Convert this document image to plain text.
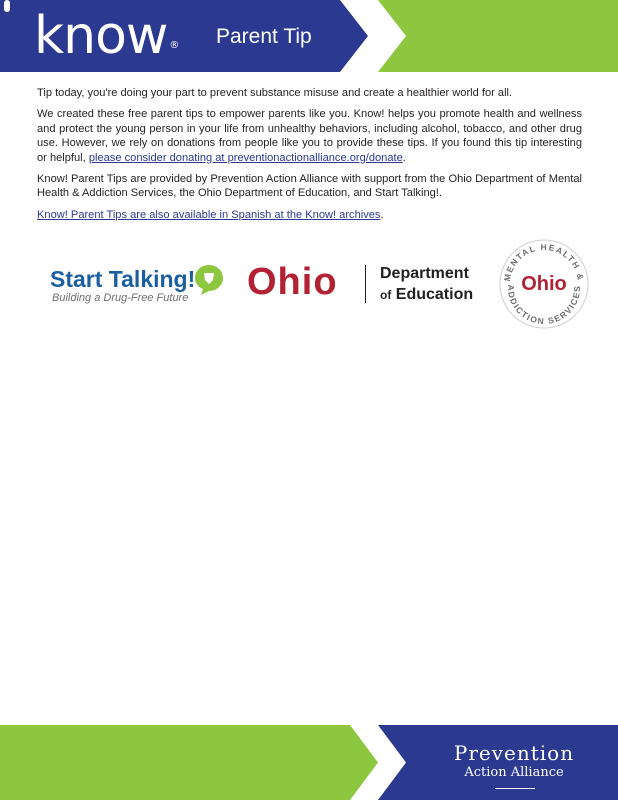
know ® Parent Tip

Tip today, you're doing your part to prevent substance misuse and create a healthier world for all.

We created these free parent tips to empower parents like you. Know! helps you promote health and wellness and protect the young person in your life from unhealthy behaviors, including alcohol, tobacco, and other drug use. However, we rely on donations from people like you to provide these tips. If you found this tip interesting or helpful, please consider donating at preventionactionalliance.org/donate.

Know! Parent Tips are provided by Prevention Action Alliance with support from the Ohio Department of Mental Health & Addiction Services, the Ohio Department of Education, and Start Talking!.

Know! Parent Tips are also available in Spanish at the Know! archives.

Start Talking!
Building a Drug-Free Future Ohio	Department
of Education
MENTAL HEALTH &
ADDICTION SERVICES
Ohio
Prevention
Action Alliance
